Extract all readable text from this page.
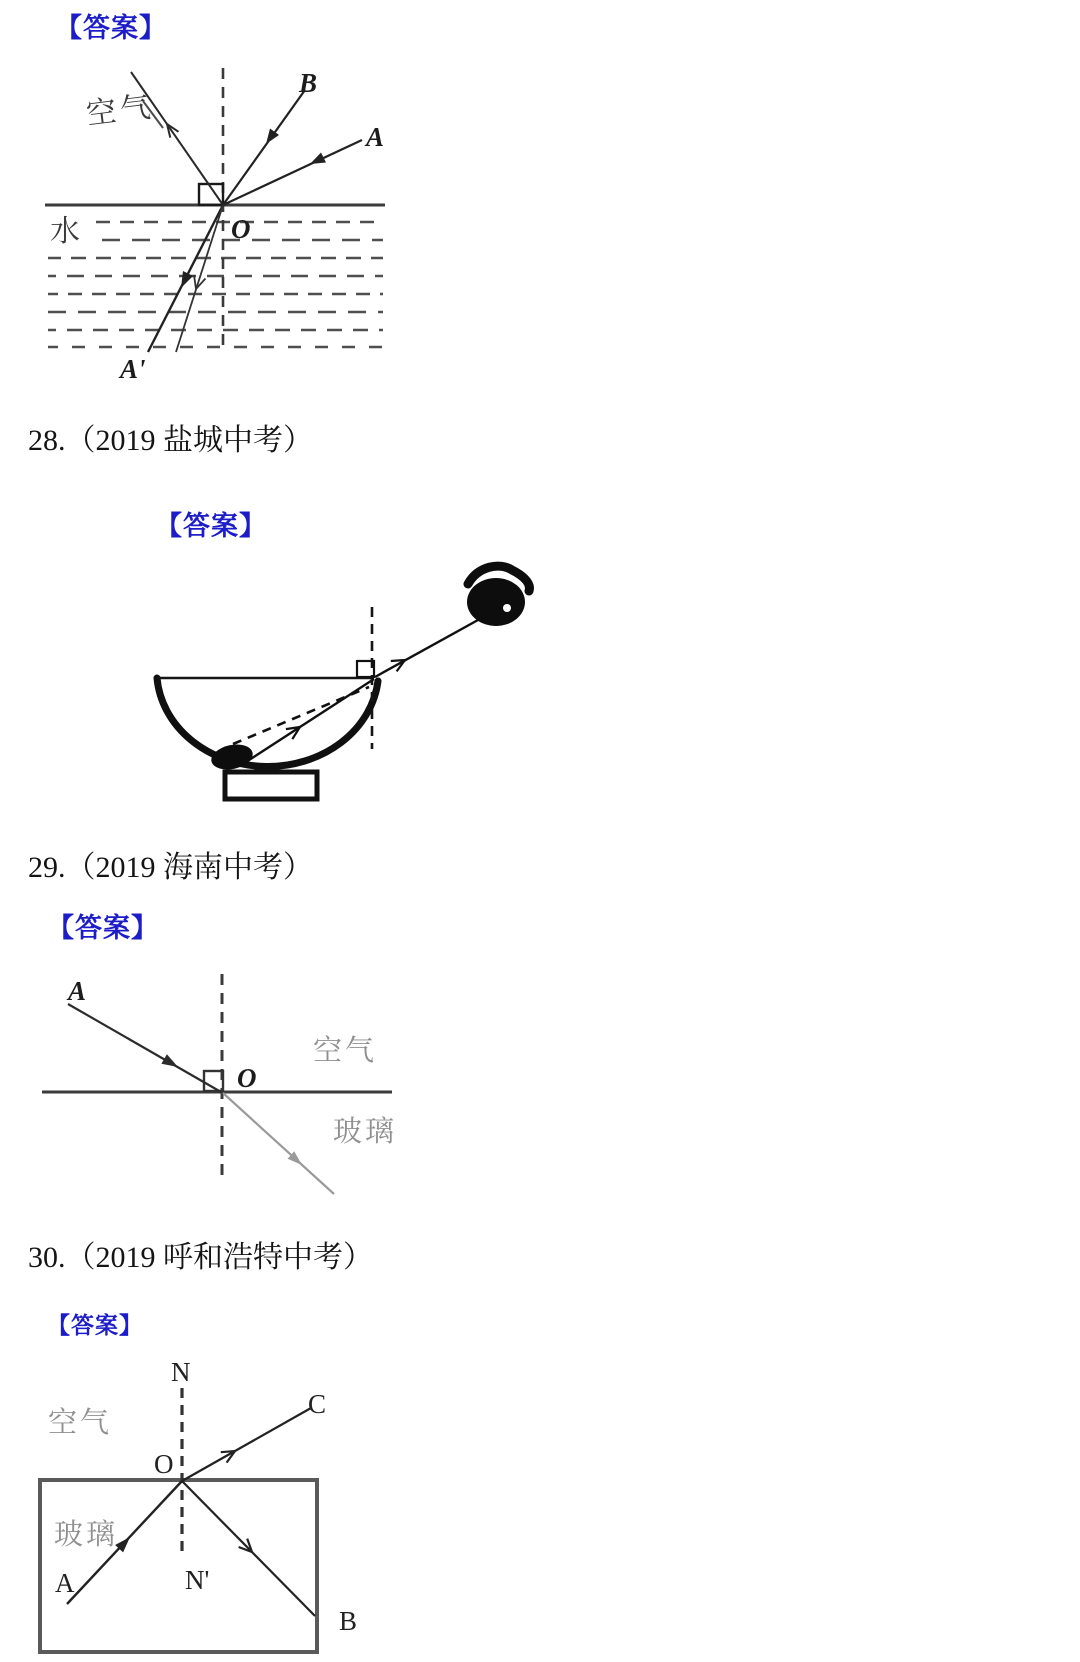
【答案】
水
空气
B
A
O
A'
28.（2019 盐城中考）
【答案】
29.（2019 海南中考）
【答案】
A
O
空气
玻璃
30.（2019 呼和浩特中考）
【答案】
N
N'
空气
玻璃
O
A
C
B
